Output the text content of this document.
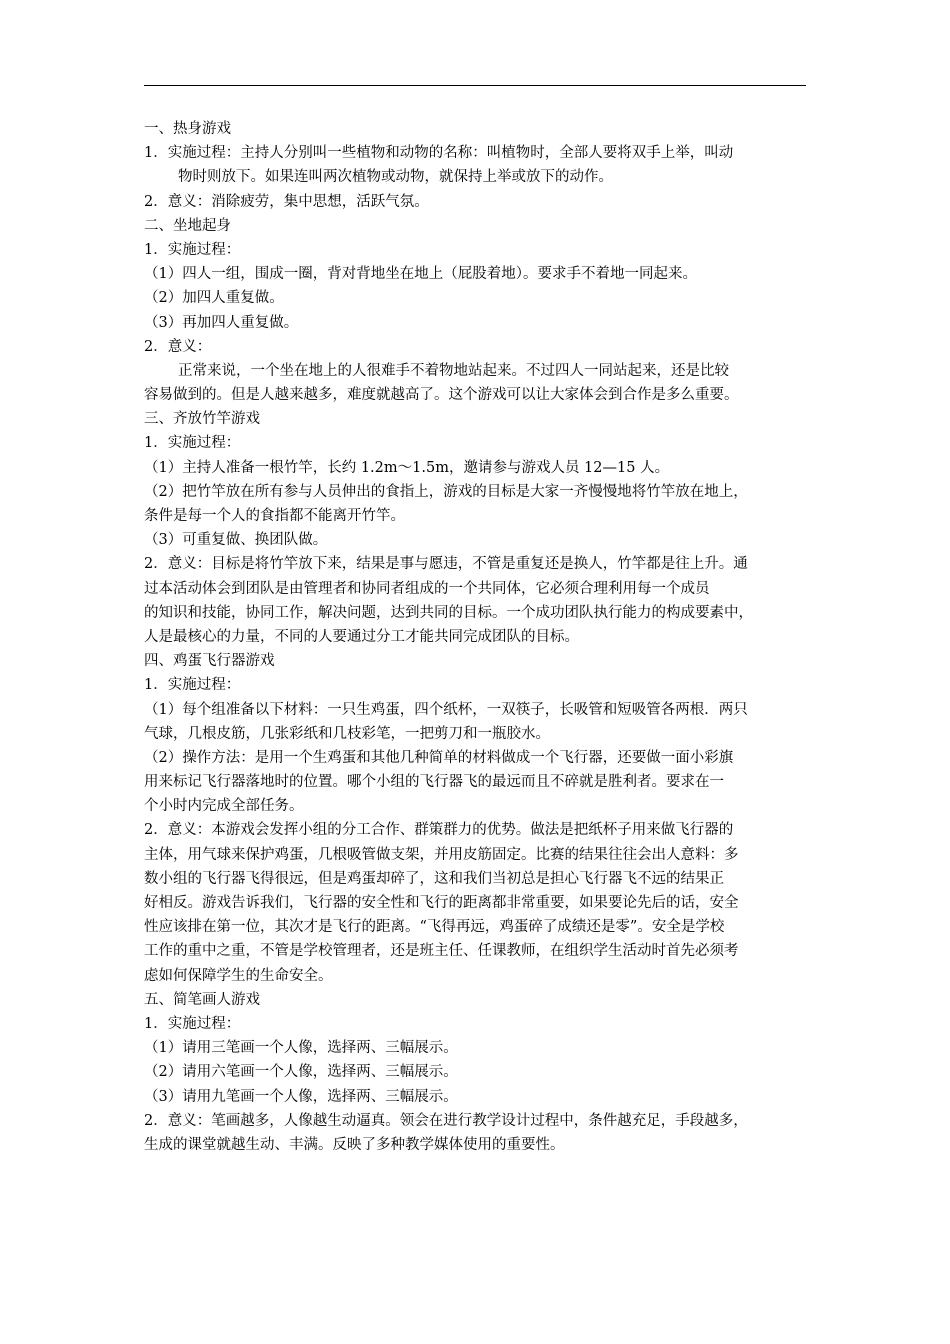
一、热身游戏
1．实施过程：主持人分别叫一些植物和动物的名称：叫植物时，全部人要将双手上举，叫动
物时则放下。如果连叫两次植物或动物，就保持上举或放下的动作。
2．意义：消除疲劳，集中思想，活跃气氛。
二、坐地起身
1．实施过程：
（1）四人一组，围成一圈，背对背地坐在地上（屁股着地）。要求手不着地一同起来。
（2）加四人重复做。
（3）再加四人重复做。
2．意义：
正常来说，一个坐在地上的人很难手不着物地站起来。不过四人一同站起来，还是比较
容易做到的。但是人越来越多，难度就越高了。这个游戏可以让大家体会到合作是多么重要。
三、齐放竹竿游戏
1．实施过程：
（1）主持人准备一根竹竿，长约 1.2m～1.5m，邀请参与游戏人员 12—15 人。
（2）把竹竿放在所有参与人员伸出的食指上，游戏的目标是大家一齐慢慢地将竹竿放在地上，
条件是每一个人的食指都不能离开竹竿。
（3）可重复做、换团队做。
2．意义：目标是将竹竿放下来，结果是事与愿违，不管是重复还是换人，竹竿都是往上升。通
过本活动体会到团队是由管理者和协同者组成的一个共同体，它必须合理利用每一个成员
的知识和技能，协同工作，解决问题，达到共同的目标。一个成功团队执行能力的构成要素中，
人是最核心的力量，不同的人要通过分工才能共同完成团队的目标。
四、鸡蛋飞行器游戏
1．实施过程：
（1）每个组准备以下材料：一只生鸡蛋，四个纸杯，一双筷子，长吸管和短吸管各两根．两只
气球，几根皮筋，几张彩纸和几枝彩笔，一把剪刀和一瓶胶水。
（2）操作方法：是用一个生鸡蛋和其他几种简单的材料做成一个飞行器，还要做一面小彩旗
用来标记飞行器落地时的位置。哪个小组的飞行器飞的最远而且不碎就是胜利者。要求在一
个小时内完成全部任务。
2．意义：本游戏会发挥小组的分工合作、群策群力的优势。做法是把纸杯子用来做飞行器的
主体，用气球来保护鸡蛋，几根吸管做支架，并用皮筋固定。比赛的结果往往会出人意料：多
数小组的飞行器飞得很远，但是鸡蛋却碎了，这和我们当初总是担心飞行器飞不远的结果正
好相反。游戏告诉我们，飞行器的安全性和飞行的距离都非常重要，如果要论先后的话，安全
性应该排在第一位，其次才是飞行的距离。“飞得再远，鸡蛋碎了成绩还是零”。安全是学校
工作的重中之重，不管是学校管理者，还是班主任、任课教师，在组织学生活动时首先必须考
虑如何保障学生的生命安全。
五、简笔画人游戏
1．实施过程：
（1）请用三笔画一个人像，选择两、三幅展示。
（2）请用六笔画一个人像，选择两、三幅展示。
（3）请用九笔画一个人像，选择两、三幅展示。
2．意义：笔画越多，人像越生动逼真。领会在进行教学设计过程中，条件越充足，手段越多，
生成的课堂就越生动、丰满。反映了多种教学媒体使用的重要性。
